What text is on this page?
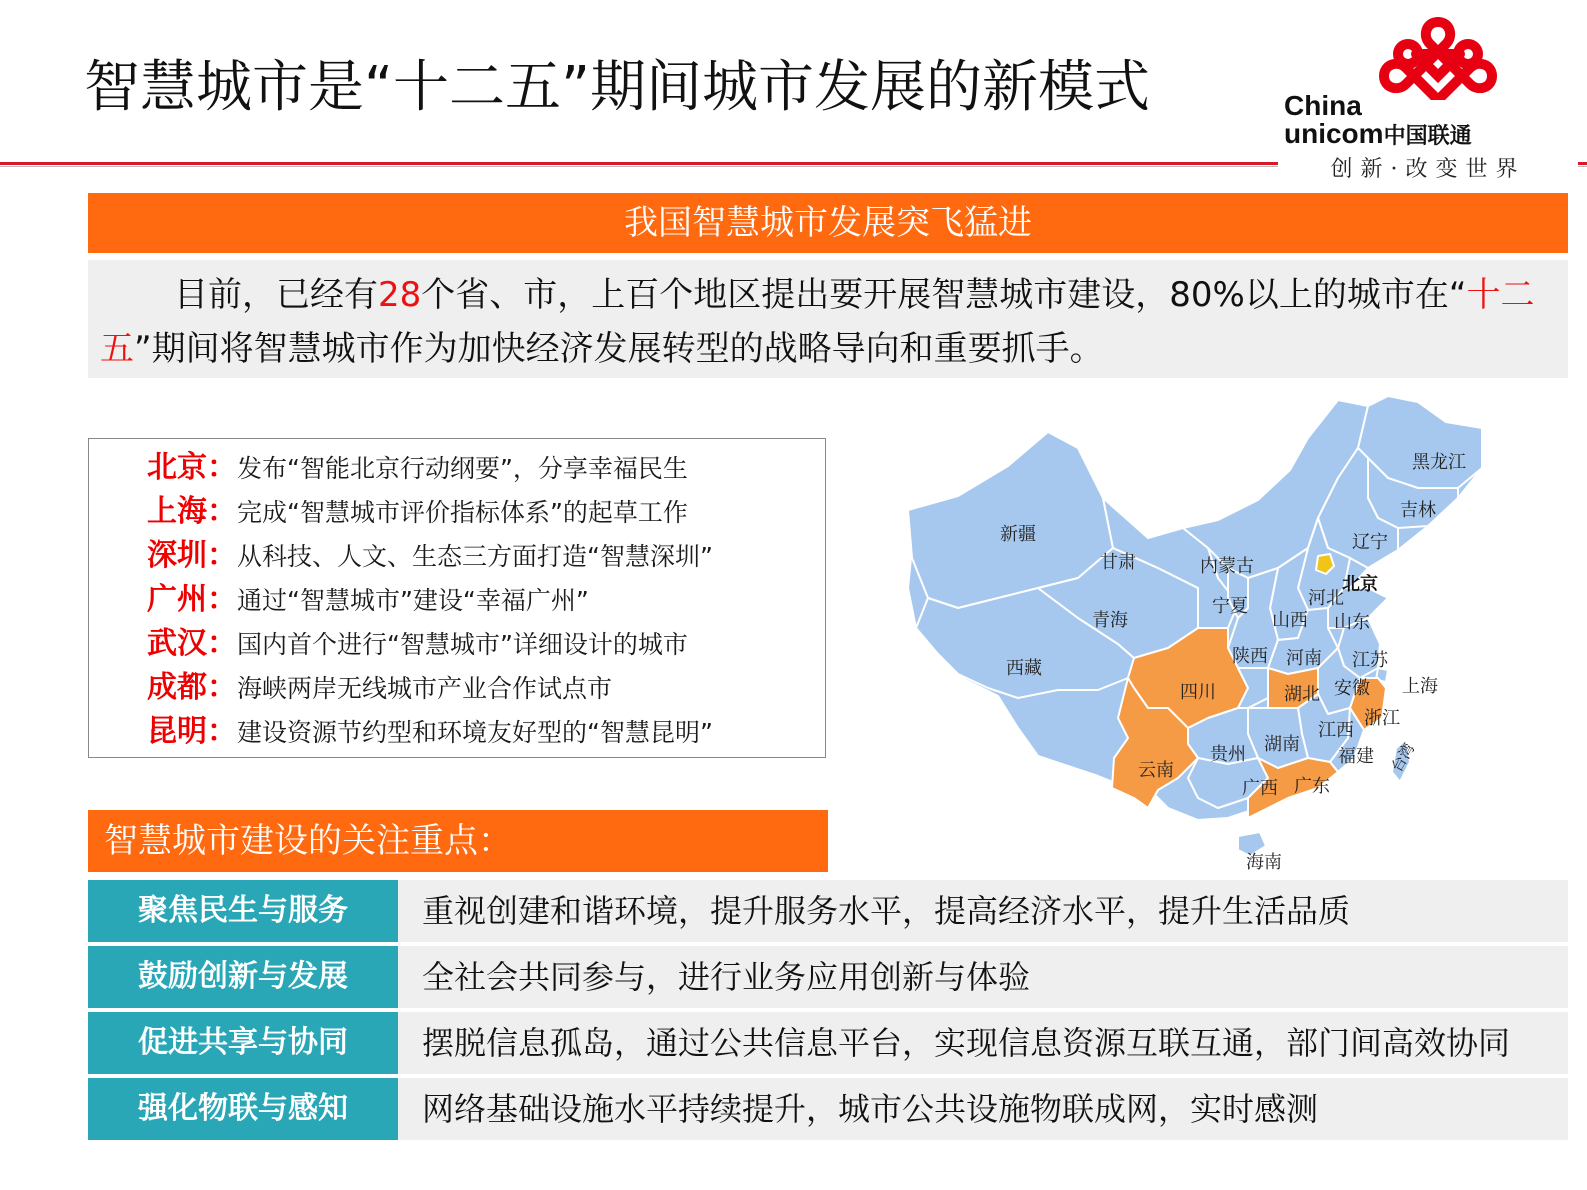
智慧城市是“十二五”期间城市发展的新模式	China
unicom中国联通
创新·改变世界
我国智慧城市发展突飞猛进

目前，已经有28个省、市，上百个地区提出要开展智慧城市建设，80%以上的城市在“十二五”期间将智慧城市作为加快经济发展转型的战略导向和重要抓手。

北京：发布“智能北京行动纲要”，分享幸福民生
上海：完成“智慧城市评价指标体系”的起草工作
深圳：从科技、人文、生态三方面打造“智慧深圳”
广州：通过“智慧城市”建设“幸福广州”
武汉：国内首个进行“智慧城市”详细设计的城市
成都：海峡两岸无线城市产业合作试点市
昆明：建设资源节约型和环境友好型的“智慧昆明”
黑龙江
吉林
辽宁
新疆
甘肃	内蒙古
北京
河北
宁夏
青海	山西 山东
西藏
陕西 河南 江苏
四川	湖北 安徽 上海
浙江
江西
贵州 湖南
福建
云南
广西 广东
台湾
海南
智慧城市建设的关注重点：
聚焦民生与服务	重视创建和谐环境，提升服务水平，提高经济水平，提升生活品质
鼓励创新与发展	全社会共同参与，进行业务应用创新与体验
促进共享与协同	摆脱信息孤岛，通过公共信息平台，实现信息资源互联互通，部门间高效协同
强化物联与感知	网络基础设施水平持续提升，城市公共设施物联成网，实时感测
